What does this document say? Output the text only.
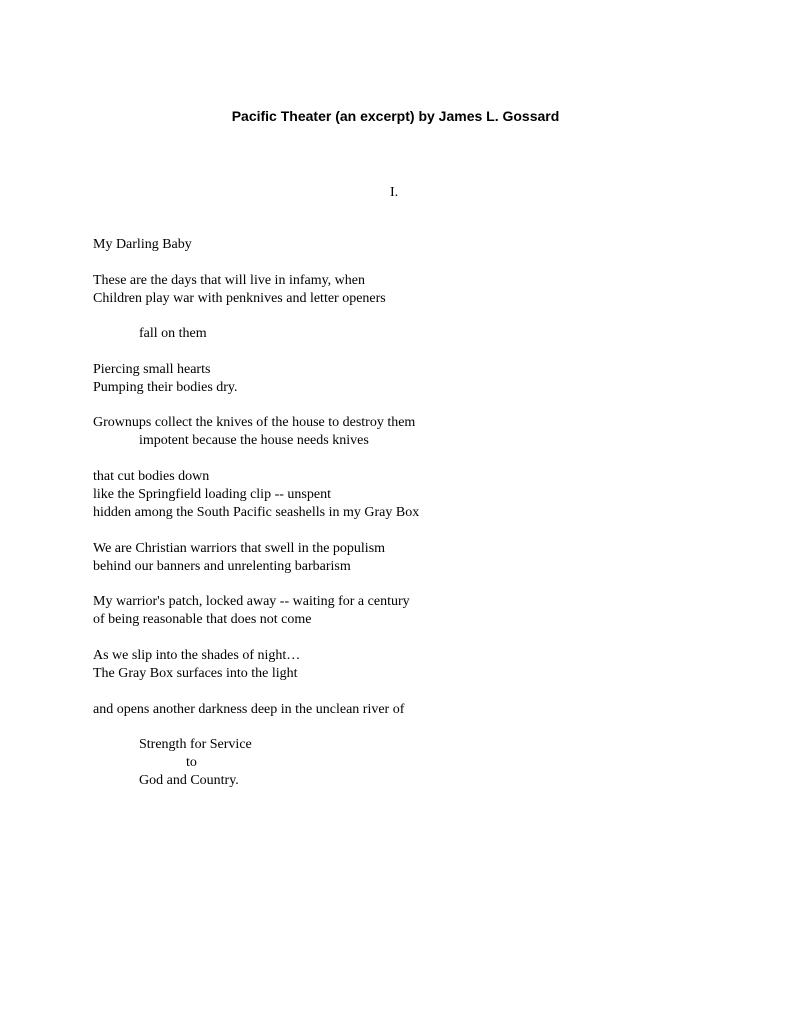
Pacific Theater (an excerpt) by James L. Gossard
I.
My Darling Baby
These are the days that will live in infamy, when
Children play war with penknives and letter openers
fall on them
Piercing small hearts
Pumping their bodies dry.
Grownups collect the knives of the house to destroy them
impotent because the house needs knives
that cut bodies down
like the Springfield loading clip -- unspent
hidden among the South Pacific seashells in my Gray Box
We are Christian warriors that swell in the populism
behind our banners and unrelenting barbarism
My warrior's patch, locked away -- waiting for a century
of being reasonable that does not come
As we slip into the shades of night…
The Gray Box surfaces into the light
and opens another darkness deep in the unclean river of
Strength for Service
to
God and Country.
